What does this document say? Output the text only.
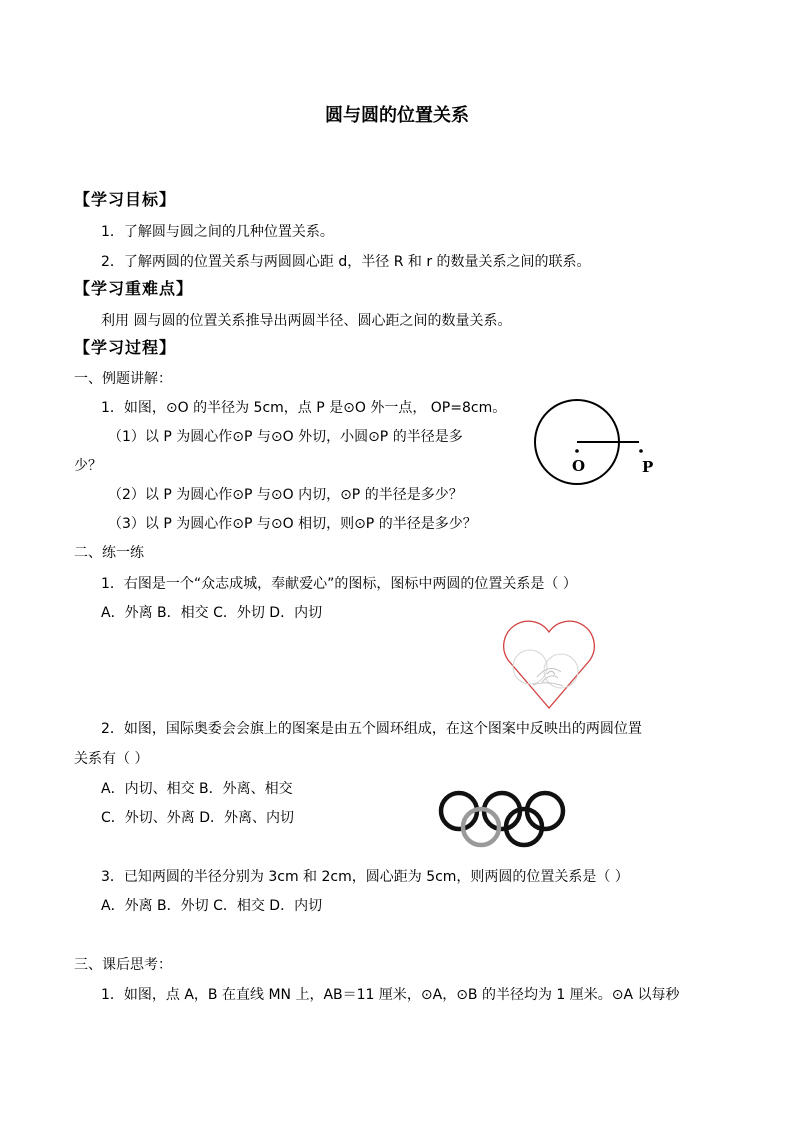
圆与圆的位置关系
【学习目标】
1．了解圆与圆之间的几种位置关系。
2．了解两圆的位置关系与两圆圆心距 d，半径 R 和 r 的数量关系之间的联系。
【学习重难点】
利用 圆与圆的位置关系推导出两圆半径、圆心距之间的数量关系。
【学习过程】
一、例题讲解：
1．如图，⊙O 的半径为 5cm，点 P 是⊙O 外一点， OP=8cm。
（1）以 P 为圆心作⊙P 与⊙O 外切，小圆⊙P 的半径是多
少？
（2）以 P 为圆心作⊙P 与⊙O 内切，⊙P 的半径是多少？
（3）以 P 为圆心作⊙P 与⊙O 相切，则⊙P 的半径是多少？
O	P
二、练一练
1．右图是一个“众志成城，奉献爱心”的图标，图标中两圆的位置关系是（ ）
A．外离 B．相交 C．外切 D．内切
2．如图，国际奥委会会旗上的图案是由五个圆环组成，在这个图案中反映出的两圆位置
关系有（ ）
A．内切、相交 B．外离、相交
C．外切、外离 D．外离、内切
3．已知两圆的半径分别为 3cm 和 2cm，圆心距为 5cm，则两圆的位置关系是（ ）
A．外离 B．外切 C．相交 D．内切
三、课后思考：
1．如图，点 A，B 在直线 MN 上，AB＝11 厘米，⊙A，⊙B 的半径均为 1 厘米。⊙A 以每秒
